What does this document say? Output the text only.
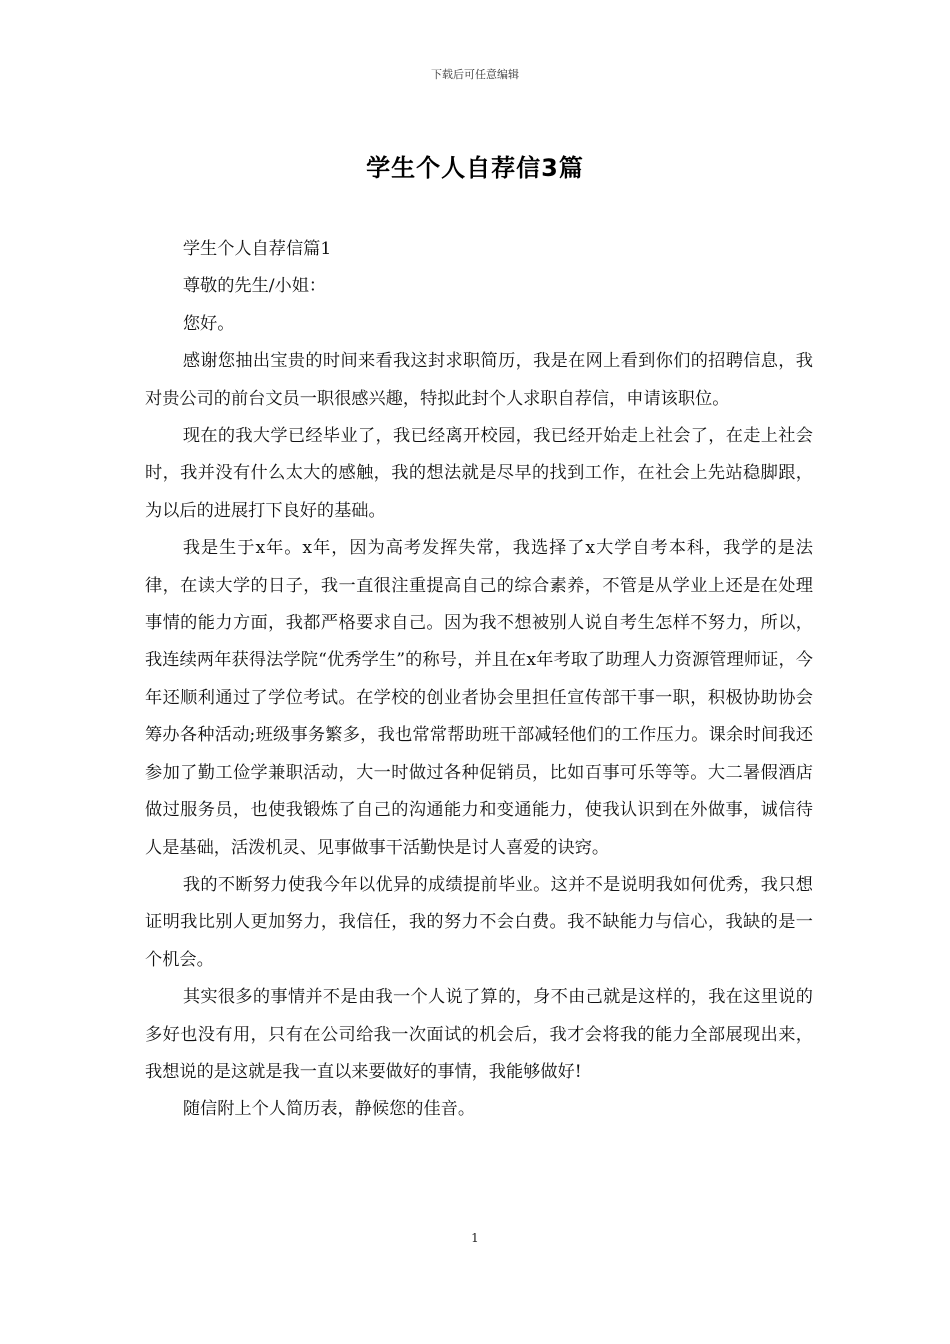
下载后可任意编辑
学生个人自荐信3篇

学生个人自荐信篇1

尊敬的先生/小姐：

您好。

感谢您抽出宝贵的时间来看我这封求职简历，我是在网上看到你们的招聘信息，我对贵公司的前台文员一职很感兴趣，特拟此封个人求职自荐信，申请该职位。

现在的我大学已经毕业了，我已经离开校园，我已经开始走上社会了，在走上社会时，我并没有什么太大的感触，我的想法就是尽早的找到工作，在社会上先站稳脚跟，为以后的进展打下良好的基础。

我是生于x年。x年，因为高考发挥失常，我选择了x大学自考本科，我学的是法律，在读大学的日子，我一直很注重提高自己的综合素养，不管是从学业上还是在处理事情的能力方面，我都严格要求自己。因为我不想被别人说自考生怎样不努力，所以，我连续两年获得法学院“优秀学生”的称号，并且在x年考取了助理人力资源管理师证，今年还顺利通过了学位考试。在学校的创业者协会里担任宣传部干事一职，积极协助协会筹办各种活动;班级事务繁多，我也常常帮助班干部减轻他们的工作压力。课余时间我还参加了勤工俭学兼职活动，大一时做过各种促销员，比如百事可乐等等。大二暑假酒店做过服务员，也使我锻炼了自己的沟通能力和变通能力，使我认识到在外做事，诚信待人是基础，活泼机灵、见事做事干活勤快是讨人喜爱的诀窍。

我的不断努力使我今年以优异的成绩提前毕业。这并不是说明我如何优秀，我只想证明我比别人更加努力，我信任，我的努力不会白费。我不缺能力与信心，我缺的是一个机会。

其实很多的事情并不是由我一个人说了算的，身不由己就是这样的，我在这里说的多好也没有用，只有在公司给我一次面试的机会后，我才会将我的能力全部展现出来，我想说的是这就是我一直以来要做好的事情，我能够做好!

随信附上个人简历表，静候您的佳音。

1
